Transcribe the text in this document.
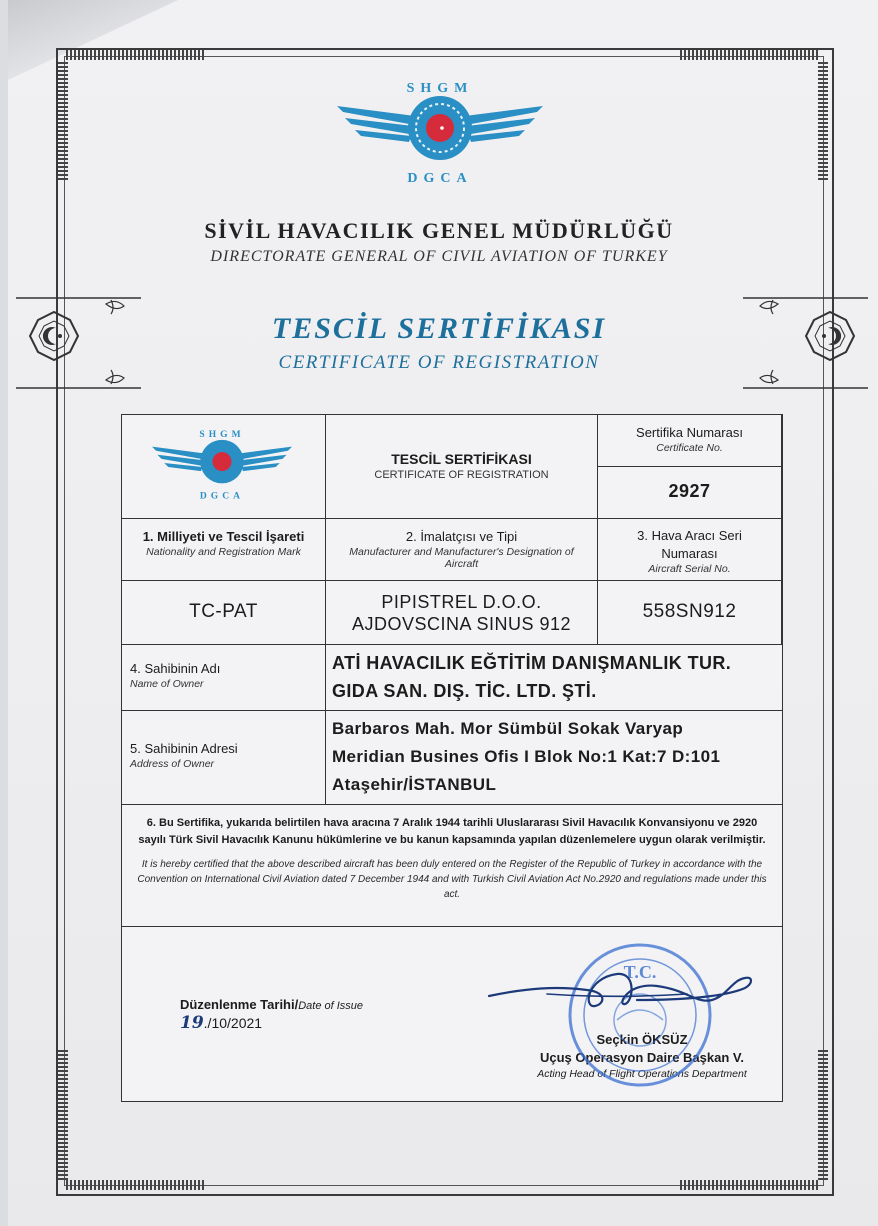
SHGM
DGCA
SİVİL HAVACILIK GENEL MÜDÜRLÜĞÜ
DIRECTORATE GENERAL OF CIVIL AVIATION OF TURKEY
TESCİL SERTİFİKASI
CERTIFICATE OF REGISTRATION
SHGM
DGCA
TESCİL SERTİFİKASI
CERTIFICATE OF REGISTRATION
Sertifika Numarası
Certificate No.
2927
1. Milliyeti ve Tescil İşareti
Nationality and Registration Mark
2. İmalatçısı ve Tipi
Manufacturer and Manufacturer's Designation of Aircraft
3. Hava Aracı Seri Numarası
Aircraft Serial No.
TC-PAT	PIPISTREL D.O.O.
AJDOVSCINA SINUS 912
558SN912
4. Sahibinin Adı
Name of Owner
ATİ HAVACILIK EĞTİTİM DANIŞMANLIK TUR.
GIDA SAN. DIŞ. TİC. LTD. ŞTİ.
5. Sahibinin Adresi
Address of Owner
Barbaros Mah. Mor Sümbül Sokak Varyap
Meridian Busines Ofis I Blok No:1 Kat:7 D:101
Ataşehir/İSTANBUL
6. Bu Sertifika, yukarıda belirtilen hava aracına 7 Aralık 1944 tarihli Uluslararası Sivil Havacılık Konvansiyonu ve 2920 sayılı Türk Sivil Havacılık Kanunu hükümlerine ve bu kanun kapsamında yapılan düzenlemelere uygun olarak verilmiştir.
It is hereby certified that the above described aircraft has been duly entered on the Register of the Republic of Turkey in accordance with the Convention on International Civil Aviation dated 7 December 1944 and with Turkish Civil Aviation Act No.2920 and regulations made under this act.
Düzenlenme Tarihi/Date of Issue
19./10/2021
Seçkin ÖKSÜZ
Uçuş Operasyon Daire Başkan V.
Acting Head of Flight Operations Department
T.C.
